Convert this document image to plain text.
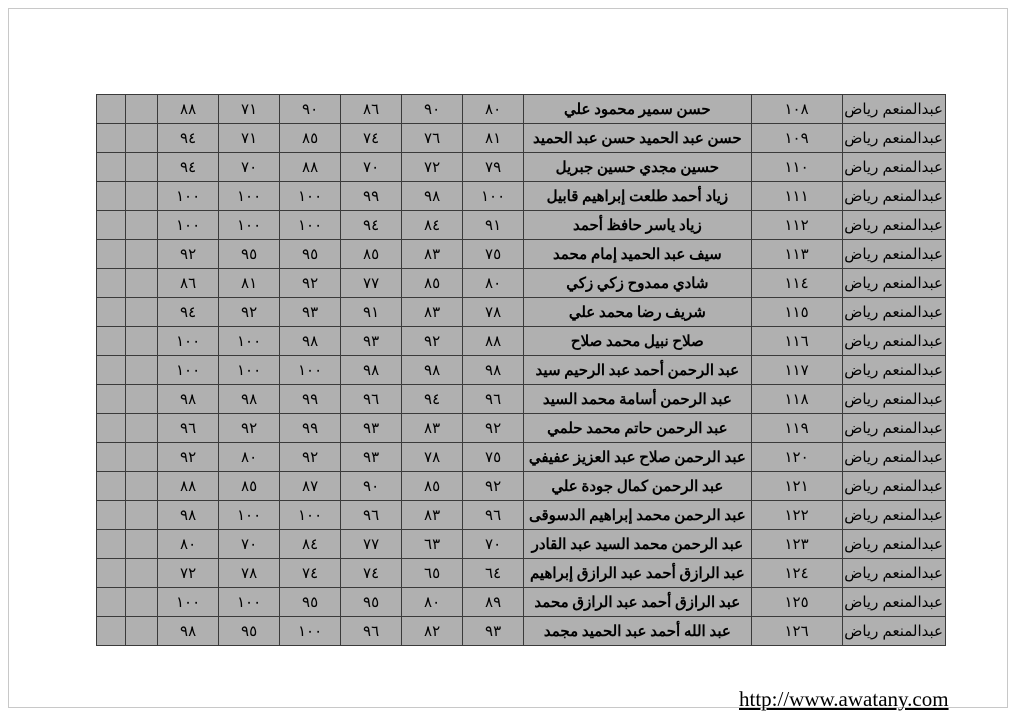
عبدالمنعم رياض	١٠٨	حسن سمير محمود علي	٨٠	٩٠	٨٦	٩٠	٧١	٨٨		
عبدالمنعم رياض	١٠٩	حسن عبد الحميد حسن عبد الحميد	٨١	٧٦	٧٤	٨٥	٧١	٩٤		
عبدالمنعم رياض	١١٠	حسين مجدي حسين جبريل	٧٩	٧٢	٧٠	٨٨	٧٠	٩٤		
عبدالمنعم رياض	١١١	زياد أحمد طلعت إبراهيم قابيل	١٠٠	٩٨	٩٩	١٠٠	١٠٠	١٠٠		
عبدالمنعم رياض	١١٢	زياد ياسر حافظ أحمد	٩١	٨٤	٩٤	١٠٠	١٠٠	١٠٠		
عبدالمنعم رياض	١١٣	سيف عبد الحميد إمام محمد	٧٥	٨٣	٨٥	٩٥	٩٥	٩٢		
عبدالمنعم رياض	١١٤	شادي ممدوح زكي زكي	٨٠	٨٥	٧٧	٩٢	٨١	٨٦		
عبدالمنعم رياض	١١٥	شريف رضا محمد علي	٧٨	٨٣	٩١	٩٣	٩٢	٩٤		
عبدالمنعم رياض	١١٦	صلاح نبيل محمد صلاح	٨٨	٩٢	٩٣	٩٨	١٠٠	١٠٠		
عبدالمنعم رياض	١١٧	عبد الرحمن أحمد عبد الرحيم سيد	٩٨	٩٨	٩٨	١٠٠	١٠٠	١٠٠		
عبدالمنعم رياض	١١٨	عبد الرحمن أسامة محمد السيد	٩٦	٩٤	٩٦	٩٩	٩٨	٩٨		
عبدالمنعم رياض	١١٩	عبد الرحمن حاتم محمد حلمي	٩٢	٨٣	٩٣	٩٩	٩٢	٩٦		
عبدالمنعم رياض	١٢٠	عبد الرحمن صلاح عبد العزيز عفيفي	٧٥	٧٨	٩٣	٩٢	٨٠	٩٢		
عبدالمنعم رياض	١٢١	عبد الرحمن كمال جودة علي	٩٢	٨٥	٩٠	٨٧	٨٥	٨٨		
عبدالمنعم رياض	١٢٢	عبد الرحمن محمد إبراهيم الدسوقى	٩٦	٨٣	٩٦	١٠٠	١٠٠	٩٨		
عبدالمنعم رياض	١٢٣	عبد الرحمن محمد السيد عبد القادر	٧٠	٦٣	٧٧	٨٤	٧٠	٨٠		
عبدالمنعم رياض	١٢٤	عبد الرازق أحمد عبد الرازق إبراهيم	٦٤	٦٥	٧٤	٧٤	٧٨	٧٢		
عبدالمنعم رياض	١٢٥	عبد الرازق أحمد عبد الرازق محمد	٨٩	٨٠	٩٥	٩٥	١٠٠	١٠٠		
عبدالمنعم رياض	١٢٦	عبد الله أحمد عبد الحميد مجمد	٩٣	٨٢	٩٦	١٠٠	٩٥	٩٨		
http://www.awatany.com
